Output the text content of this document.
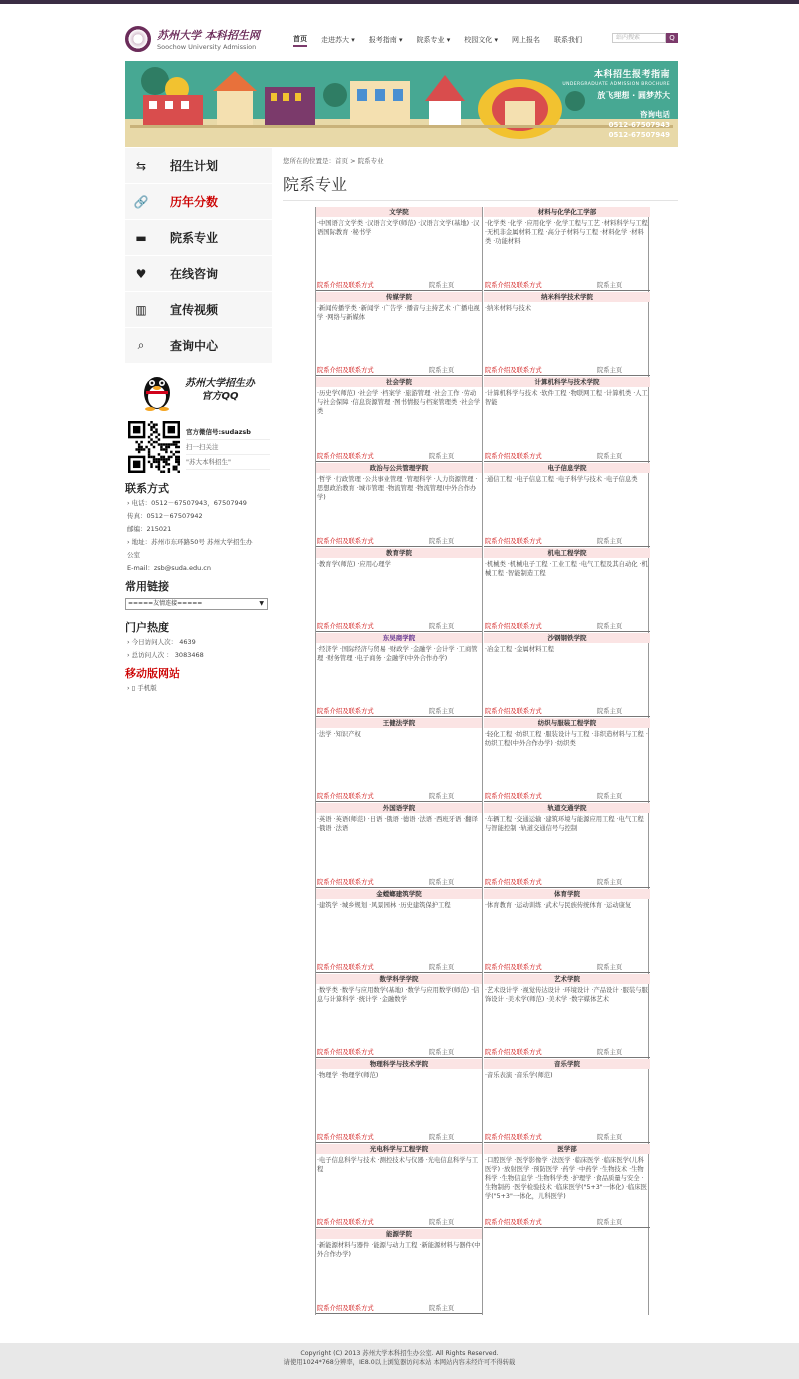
苏州大学 本科招生网
Soochow University Admission
首页 走进苏大 ▾ 报考指南 ▾ 院系专业 ▾ 校园文化 ▾ 网上报名 联系我们	站内搜索	Q
本科招生报考指南
UNDERGRADUATE ADMISSION BROCHURE
放飞理想 · 圆梦苏大
咨询电话
0512-67507943
0512-67507949
⇆ 招生计划
🔗 历年分数
▬ 院系专业
♥ 在线咨询
▥ 宣传视频
⌕	查询中心
苏州大学招生办
官方QQ
官方微信号:sudazsb
扫一扫关注
"苏大本科招生"
联系方式
› 电话：0512－67507943，67507949
传真：0512－67507942
邮编：215021
› 地址：苏州市东环路50号 苏州大学招生办
公室
E-mail：zsb@suda.edu.cn
常用链接
=====友情连接=====	▼
门户热度
› 今日访问人次： 4639
› 总访问人次 ： 3083468
移动版网站
› ▯ 手机版
您所在的位置是：首页 > 院系专业
院系专业
文学院
·中国语言文学类 ·汉语言文学(师范) ·汉语言文学(基地) ·汉语国际教育 ·秘书学
院系介绍及联系方式	院系主页
材料与化学化工学部
·化学类 ·化学 ·应用化学 ·化学工程与工艺 ·材料科学与工程 ·无机非金属材料工程 ·高分子材料与工程 ·材料化学 ·材料类 ·功能材料
院系介绍及联系方式	院系主页
传媒学院
·新闻传播学类 ·新闻学 ·广告学 ·播音与主持艺术 ·广播电视学 ·网络与新媒体
院系介绍及联系方式	院系主页
纳米科学技术学院
·纳米材料与技术
院系介绍及联系方式	院系主页
社会学院
·历史学(师范) ·社会学 ·档案学 ·旅游管理 ·社会工作 ·劳动与社会保障 ·信息资源管理 ·图书情报与档案管理类 ·社会学类
院系介绍及联系方式	院系主页
计算机科学与技术学院
·计算机科学与技术 ·软件工程 ·物联网工程 ·计算机类 ·人工智能
院系介绍及联系方式	院系主页
政治与公共管理学院
·哲学 ·行政管理 ·公共事业管理 ·管理科学 ·人力资源管理 ·思想政治教育 ·城市管理 ·物流管理 ·物流管理(中外合作办学)
院系介绍及联系方式	院系主页
电子信息学院
·通信工程 ·电子信息工程 ·电子科学与技术 ·电子信息类
院系介绍及联系方式	院系主页
教育学院
·教育学(师范) ·应用心理学
院系介绍及联系方式	院系主页
机电工程学院
·机械类 ·机械电子工程 ·工业工程 ·电气工程及其自动化 ·机械工程 ·智能制造工程
院系介绍及联系方式	院系主页
东吴商学院
·经济学 ·国际经济与贸易 ·财政学 ·金融学 ·会计学 ·工商管理 ·财务管理 ·电子商务 ·金融学(中外合作办学)
院系介绍及联系方式	院系主页
沙钢钢铁学院
·冶金工程 ·金属材料工程
院系介绍及联系方式	院系主页
王健法学院
·法学 ·知识产权
院系介绍及联系方式	院系主页
纺织与服装工程学院
·轻化工程 ·纺织工程 ·服装设计与工程 ·非织造材料与工程 ·纺织工程(中外合作办学) ·纺织类
院系介绍及联系方式	院系主页
外国语学院
·英语 ·英语(师范) ·日语 ·俄语 ·德语 ·法语 ·西班牙语 ·翻译 ·俄语 ·法语
院系介绍及联系方式	院系主页
轨道交通学院
·车辆工程 ·交通运输 ·建筑环境与能源应用工程 ·电气工程与智能控制 ·轨道交通信号与控制
院系介绍及联系方式	院系主页
金螳螂建筑学院
·建筑学 ·城乡规划 ·风景园林 ·历史建筑保护工程
院系介绍及联系方式	院系主页
体育学院
·体育教育 ·运动训练 ·武术与民族传统体育 ·运动康复
院系介绍及联系方式	院系主页
数学科学学院
·数学类 ·数学与应用数学(基地) ·数学与应用数学(师范) ·信息与计算科学 ·统计学 ·金融数学
院系介绍及联系方式	院系主页
艺术学院
·艺术设计学 ·视觉传达设计 ·环境设计 ·产品设计 ·服装与服饰设计 ·美术学(师范) ·美术学 ·数字媒体艺术
院系介绍及联系方式	院系主页
物理科学与技术学院
·物理学 ·物理学(师范)
院系介绍及联系方式	院系主页
音乐学院
·音乐表演 ·音乐学(师范)
院系介绍及联系方式	院系主页
光电科学与工程学院
·电子信息科学与技术 ·测控技术与仪器 ·光电信息科学与工程
院系介绍及联系方式	院系主页
医学部
·口腔医学 ·医学影像学 ·法医学 ·临床医学 ·临床医学(儿科医学) ·放射医学 ·预防医学 ·药学 ·中药学 ·生物技术 ·生物科学 ·生物信息学 ·生物科学类 ·护理学 ·食品质量与安全 ·生物制药 ·医学检验技术 ·临床医学("5+3"一体化) ·临床医学("5+3"一体化，儿科医学)
院系介绍及联系方式	院系主页
能源学院
·新能源材料与器件 ·能源与动力工程 ·新能源材料与器件(中外合作办学)
院系介绍及联系方式	院系主页
Copyright (C) 2013 苏州大学本科招生办公室. All Rights Reserved.
请使用1024*768分辨率，IE8.0以上浏览器访问本站 本网站内容未经许可不得转载
